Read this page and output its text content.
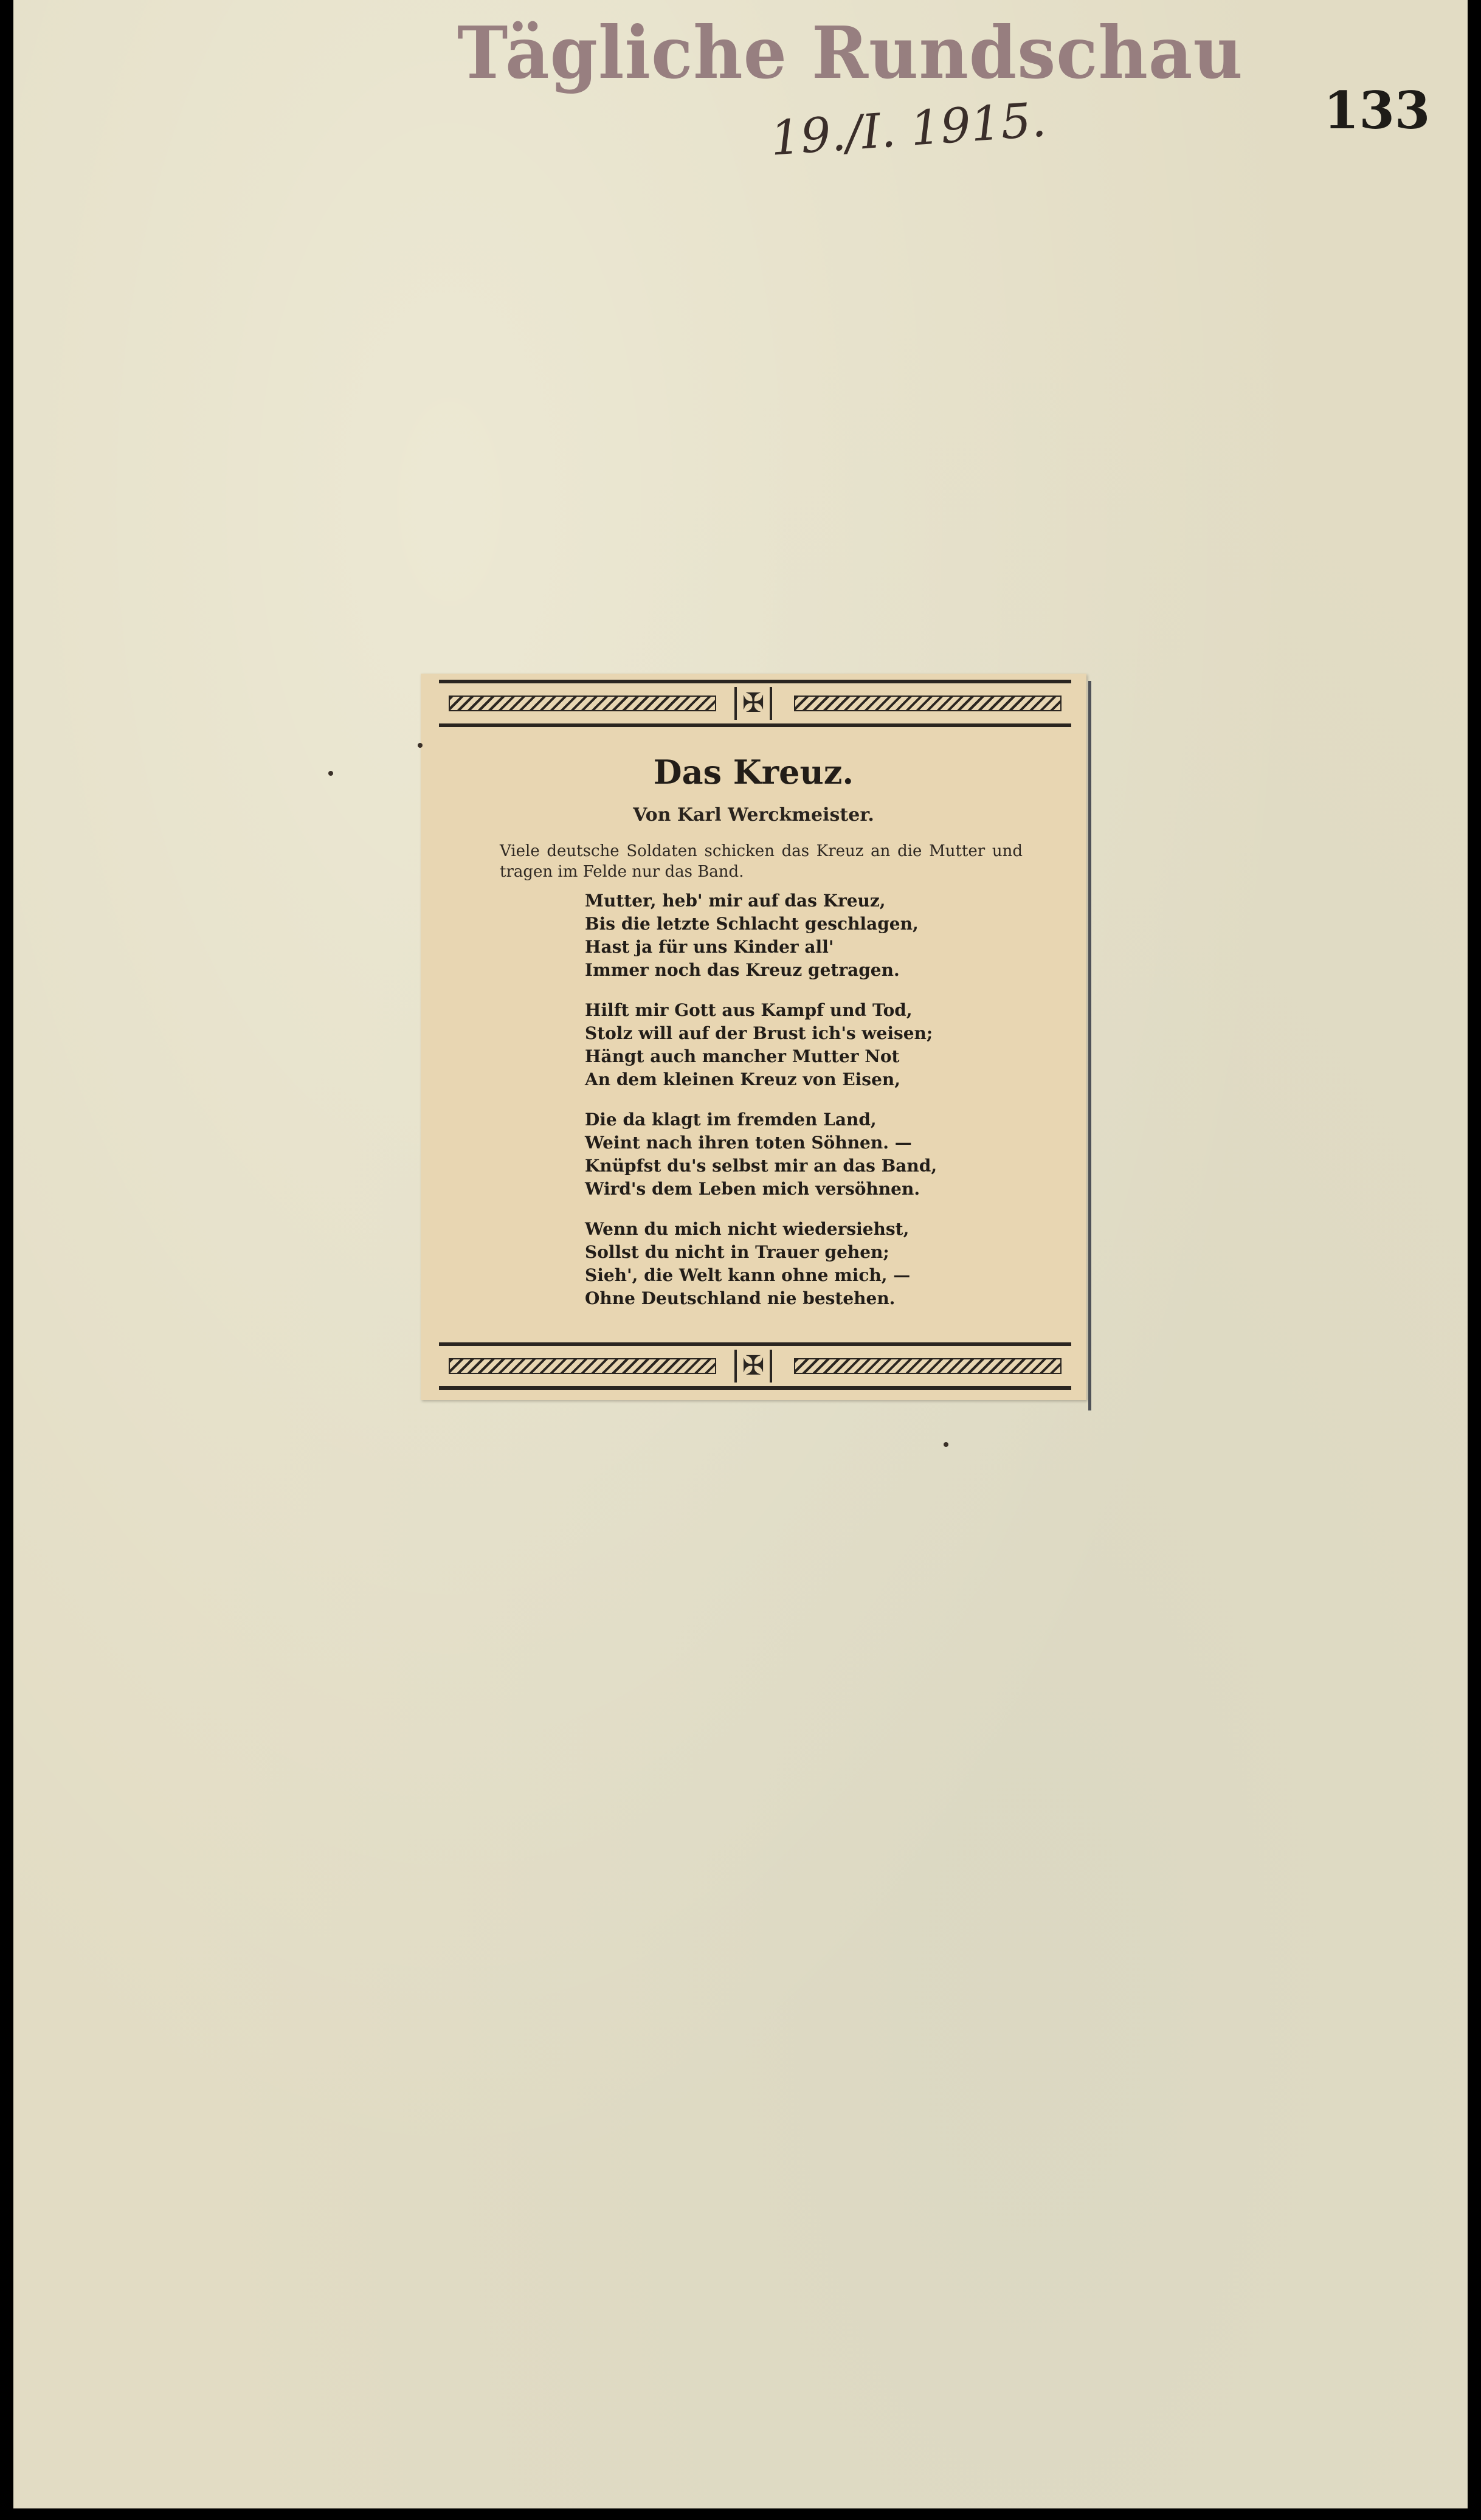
Tägliche Rundschau
19./I. 1915.	133
✠
Das Kreuz.
Von Karl Werckmeister.
Viele deutsche Soldaten schicken das Kreuz an die Mutter und tragen im Felde nur das Band.
Mutter, heb' mir auf das Kreuz,
Bis die letzte Schlacht geschlagen,
Hast ja für uns Kinder all'
Immer noch das Kreuz getragen.
Hilft mir Gott aus Kampf und Tod,
Stolz will auf der Brust ich's weisen;
Hängt auch mancher Mutter Not
An dem kleinen Kreuz von Eisen,
Die da klagt im fremden Land,
Weint nach ihren toten Söhnen. —
Knüpfst du's selbst mir an das Band,
Wird's dem Leben mich versöhnen.
Wenn du mich nicht wiedersiehst,
Sollst du nicht in Trauer gehen;
Sieh', die Welt kann ohne mich, —
Ohne Deutschland nie bestehen.
✠
